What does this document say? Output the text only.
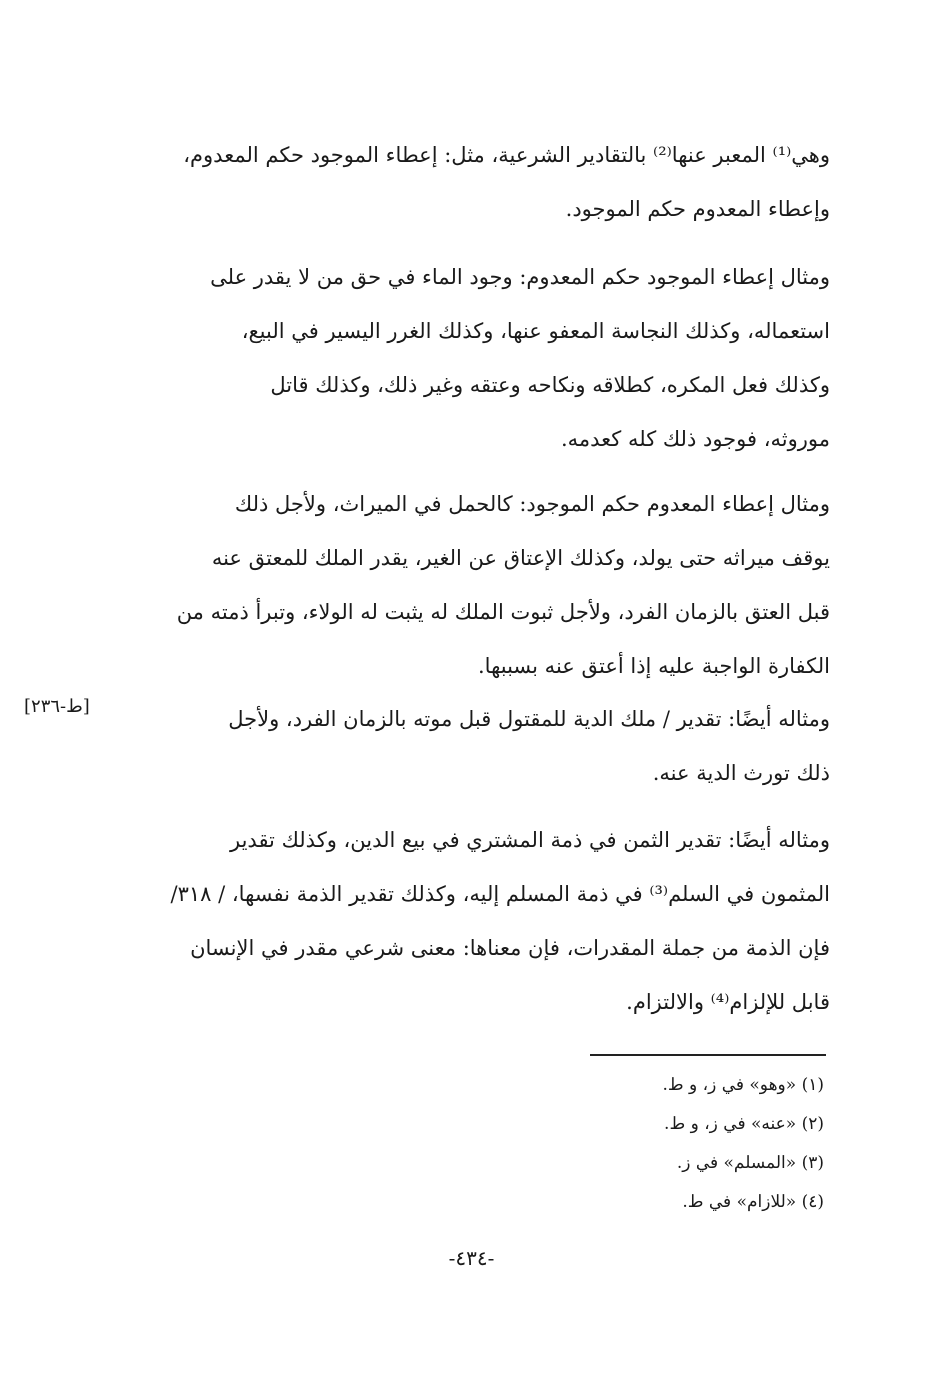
وهي⁽¹⁾ المعبر عنها⁽²⁾ بالتقادير الشرعية، مثل: إعطاء الموجود حكم المعدوم،
وإعطاء المعدوم حكم الموجود.
ومثال إعطاء الموجود حكم المعدوم: وجود الماء في حق من لا يقدر على
استعماله، وكذلك النجاسة المعفو عنها، وكذلك الغرر اليسير في البيع،
وكذلك فعل المكره، كطلاقه ونكاحه وعتقه وغير ذلك، وكذلك قاتل
موروثه، فوجود ذلك كله كعدمه.
ومثال إعطاء المعدوم حكم الموجود: كالحمل في الميراث، ولأجل ذلك
يوقف ميراثه حتى يولد، وكذلك الإعتاق عن الغير، يقدر الملك للمعتق عنه
قبل العتق بالزمان الفرد، ولأجل ثبوت الملك له يثبت له الولاء، وتبرأ ذمته من
الكفارة الواجبة عليه إذا أعتق عنه بسببها.
[ط-٢٣٦]
ومثاله أيضًا: تقدير / ملك الدية للمقتول قبل موته بالزمان الفرد، ولأجل
ذلك تورث الدية عنه.
ومثاله أيضًا: تقدير الثمن في ذمة المشتري في بيع الدين، وكذلك تقدير
المثمون في السلم⁽³⁾ في ذمة المسلم إليه، وكذلك تقدير الذمة نفسها، / ٣١٨/
فإن الذمة من جملة المقدرات، فإن معناها: معنى شرعي مقدر في الإنسان
قابل للإلزام⁽⁴⁾ والالتزام.
(١) «وهو» في ز، و ط.
(٢) «عنه» في ز، و ط.
(٣) «المسلم» في ز.
(٤) «للازام» في ط.
-٤٣٤-
